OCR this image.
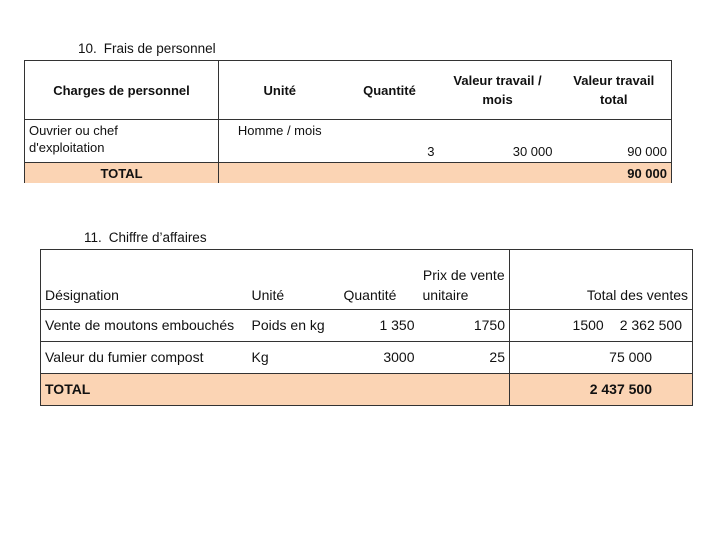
10. Frais de personnel
Charges de personnel	Unité	Quantité	Valeur travail / mois	Valeur travail total

Ouvrier ou chef
d'exploitation	Homme / mois	3	30 000	90 000
TOTAL				90 000
11. Chiffre d’affaires
Désignation	Unité	Quantité	Prix de vente
unitaire	Total des ventes
Vente de moutons embouchés	Poids en kg	1 350	1750	1500 2 362 500
Valeur du fumier compost	Kg	3000	25	75 000
TOTAL				2 437 500
